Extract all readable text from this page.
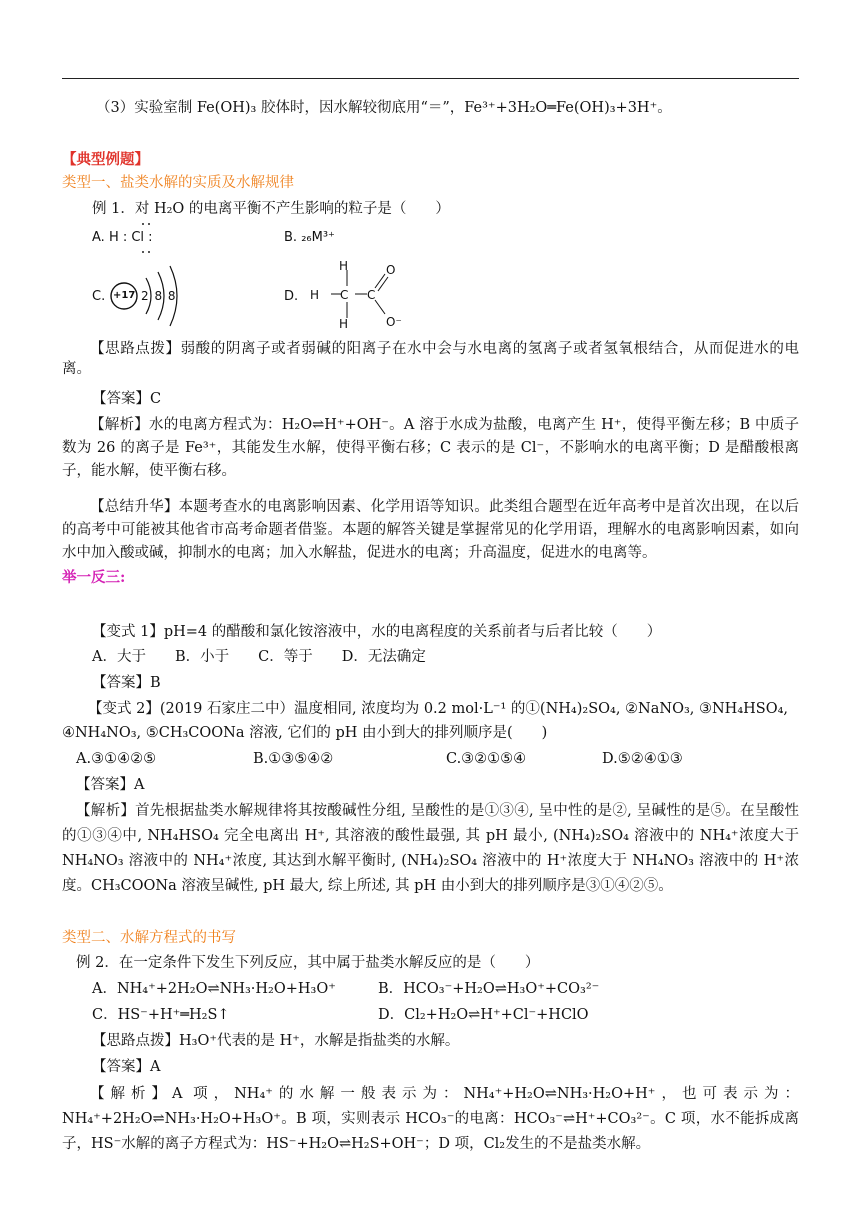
（3）实验室制 Fe(OH)₃ 胶体时，因水解较彻底用“＝”，Fe³⁺+3H₂O═Fe(OH)₃+3H⁺。
【典型例题】
类型一、盐类水解的实质及水解规律
例 1．对 H₂O 的电离平衡不产生影响的粒子是（　　）
A. H : Cl :	B. ₂₆M³⁺
C. +17 2 8 8	D.
H
H
C C
H
O
O⁻
【思路点拨】弱酸的阴离子或者弱碱的阳离子在水中会与水电离的氢离子或者氢氧根结合，从而促进水的电离。
【答案】C
【解析】水的电离方程式为：H₂O⇌H⁺+OH⁻。A 溶于水成为盐酸，电离产生 H⁺，使得平衡左移；B 中质子数为 26 的离子是 Fe³⁺，其能发生水解，使得平衡右移；C 表示的是 Cl⁻，不影响水的电离平衡；D 是醋酸根离子，能水解，使平衡右移。
【总结升华】本题考查水的电离影响因素、化学用语等知识。此类组合题型在近年高考中是首次出现，在以后的高考中可能被其他省市高考命题者借鉴。本题的解答关键是掌握常见的化学用语，理解水的电离影响因素，如向水中加入酸或碱，抑制水的电离；加入水解盐，促进水的电离；升高温度，促进水的电离等。
举一反三:
【变式 1】pH=4 的醋酸和氯化铵溶液中，水的电离程度的关系前者与后者比较（　　）
A．大于　　B．小于　　C．等于　　D．无法确定
【答案】B
【变式 2】(2019 石家庄二中）温度相同, 浓度均为 0.2 mol·L⁻¹ 的①(NH₄)₂SO₄, ②NaNO₃, ③NH₄HSO₄,
④NH₄NO₃, ⑤CH₃COONa 溶液, 它们的 pH 由小到大的排列顺序是(　　)
A.③①④②⑤	B.①③⑤④②	C.③②①⑤④	D.⑤②④①③
【答案】A
【解析】首先根据盐类水解规律将其按酸碱性分组, 呈酸性的是①③④, 呈中性的是②, 呈碱性的是⑤。在呈酸性的①③④中, NH₄HSO₄ 完全电离出 H⁺, 其溶液的酸性最强, 其 pH 最小, (NH₄)₂SO₄ 溶液中的 NH₄⁺浓度大于 NH₄NO₃ 溶液中的 NH₄⁺浓度, 其达到水解平衡时, (NH₄)₂SO₄ 溶液中的 H⁺浓度大于 NH₄NO₃ 溶液中的 H⁺浓度。CH₃COONa 溶液呈碱性, pH 最大, 综上所述, 其 pH 由小到大的排列顺序是③①④②⑤。
类型二、水解方程式的书写
例 2．在一定条件下发生下列反应，其中属于盐类水解反应的是（　　）
A．NH₄⁺+2H₂O⇌NH₃·H₂O+H₃O⁺	B．HCO₃⁻+H₂O⇌H₃O⁺+CO₃²⁻
C．HS⁻+H⁺═H₂S↑	D．Cl₂+H₂O⇌H⁺+Cl⁻+HClO
【思路点拨】H₃O⁺代表的是 H⁺，水解是指盐类的水解。
【答案】A
【解析】A 项，NH₄⁺的水解一般表示为：NH₄⁺+H₂O⇌NH₃·H₂O+H⁺，也可表示为：NH₄⁺+2H₂O⇌NH₃·H₂O+H₃O⁺。B 项，实则表示 HCO₃⁻的电离：HCO₃⁻⇌H⁺+CO₃²⁻。C 项，水不能拆成离子，HS⁻水解的离子方程式为：HS⁻+H₂O⇌H₂S+OH⁻；D 项，Cl₂发生的不是盐类水解。
